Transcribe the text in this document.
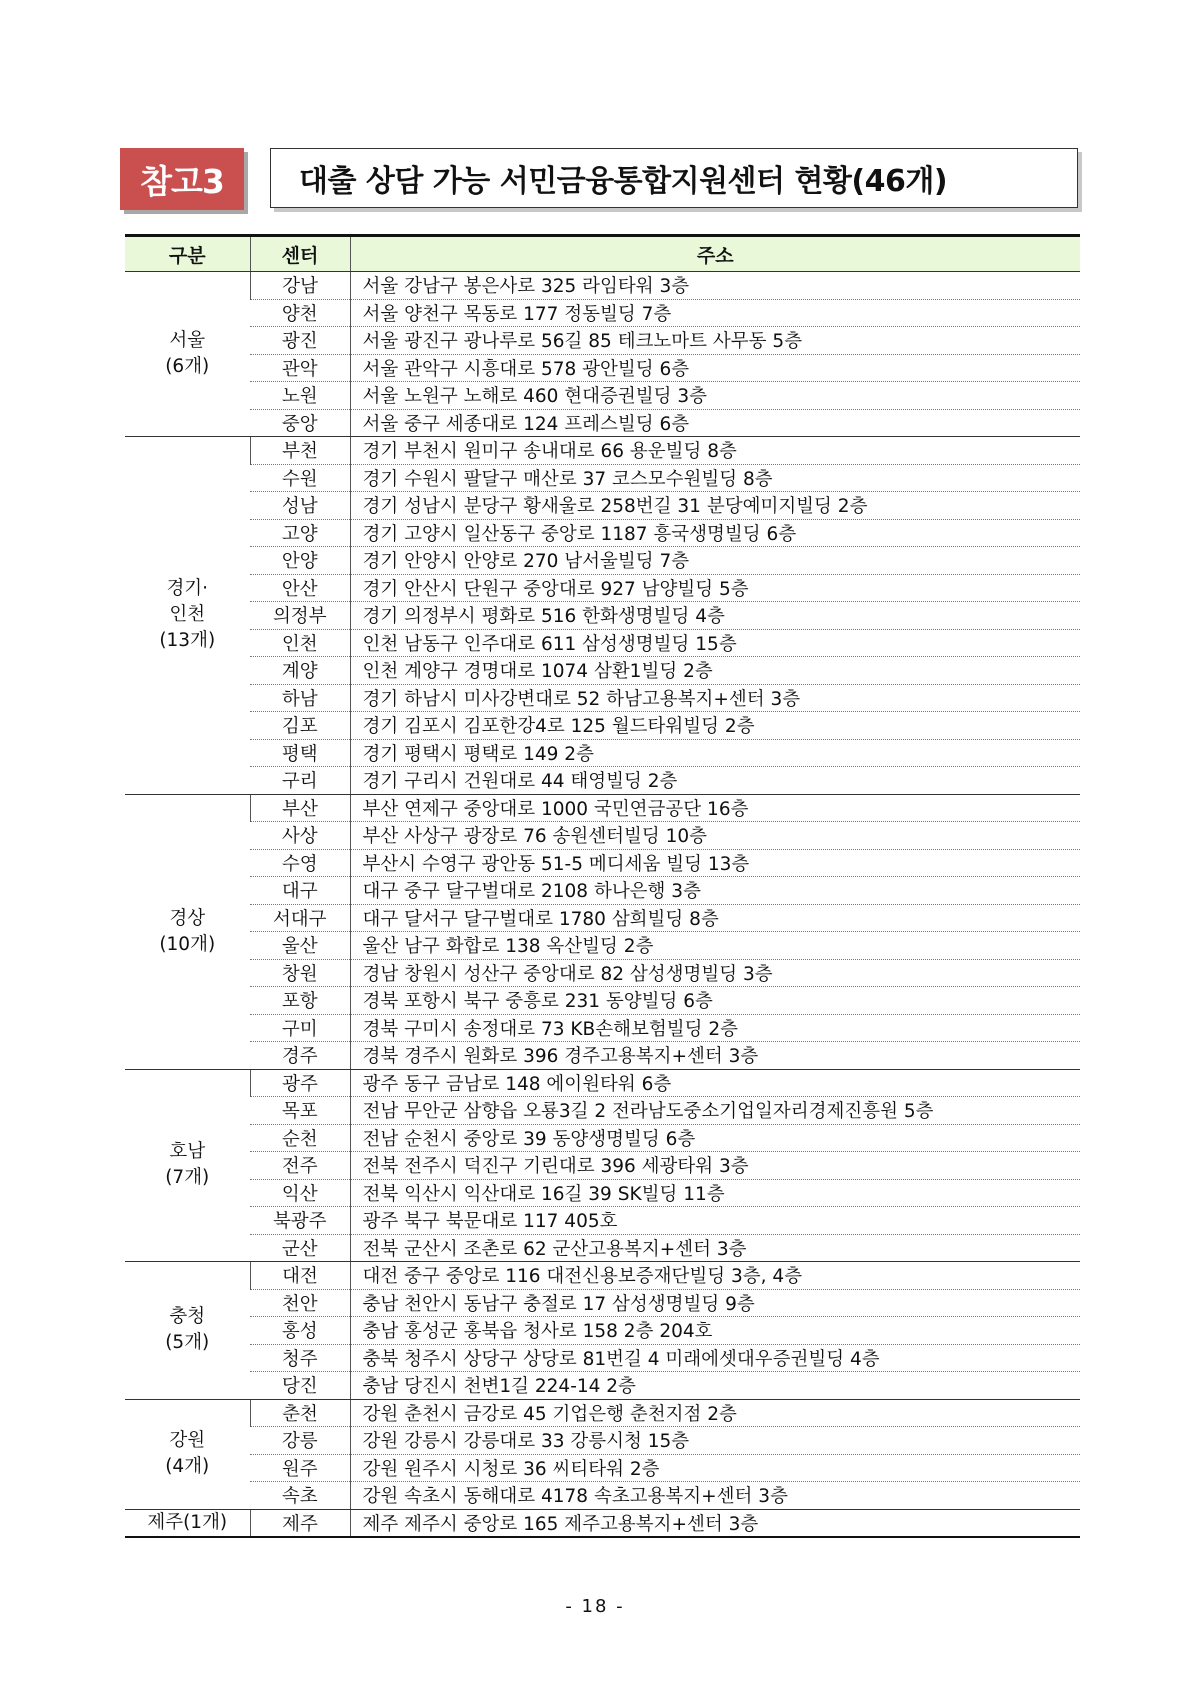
참고3	대출 상담 가능 서민금융통합지원센터 현황(46개)
구분	센터	주소
서울
(6개)	강남	서울 강남구 봉은사로 325 라임타워 3층
	양천	서울 양천구 목동로 177 정동빌딩 7층
	광진	서울 광진구 광나루로 56길 85 테크노마트 사무동 5층
	관악	서울 관악구 시흥대로 578 광안빌딩 6층
	노원	서울 노원구 노해로 460 현대증권빌딩 3층
	중앙	서울 중구 세종대로 124 프레스빌딩 6층
경기·
인천
(13개)	부천	경기 부천시 원미구 송내대로 66 용운빌딩 8층
	수원	경기 수원시 팔달구 매산로 37 코스모수원빌딩 8층
	성남	경기 성남시 분당구 황새울로 258번길 31 분당예미지빌딩 2층
	고양	경기 고양시 일산동구 중앙로 1187 흥국생명빌딩 6층
	안양	경기 안양시 안양로 270 남서울빌딩 7층
	안산	경기 안산시 단원구 중앙대로 927 남양빌딩 5층
	의정부	경기 의정부시 평화로 516 한화생명빌딩 4층
	인천	인천 남동구 인주대로 611 삼성생명빌딩 15층
	계양	인천 계양구 경명대로 1074 삼환1빌딩 2층
	하남	경기 하남시 미사강변대로 52 하남고용복지+센터 3층
	김포	경기 김포시 김포한강4로 125 월드타워빌딩 2층
	평택	경기 평택시 평택로 149 2층
	구리	경기 구리시 건원대로 44 태영빌딩 2층
경상
(10개)	부산	부산 연제구 중앙대로 1000 국민연금공단 16층
	사상	부산 사상구 광장로 76 송원센터빌딩 10층
	수영	부산시 수영구 광안동 51-5 메디세움 빌딩 13층
	대구	대구 중구 달구벌대로 2108 하나은행 3층
	서대구	대구 달서구 달구벌대로 1780 삼희빌딩 8층
	울산	울산 남구 화합로 138 옥산빌딩 2층
	창원	경남 창원시 성산구 중앙대로 82 삼성생명빌딩 3층
	포항	경북 포항시 북구 중흥로 231 동양빌딩 6층
	구미	경북 구미시 송정대로 73 KB손해보험빌딩 2층
	경주	경북 경주시 원화로 396 경주고용복지+센터 3층
호남
(7개)	광주	광주 동구 금남로 148 에이원타워 6층
	목포	전남 무안군 삼향읍 오룡3길 2 전라남도중소기업일자리경제진흥원 5층
	순천	전남 순천시 중앙로 39 동양생명빌딩 6층
	전주	전북 전주시 덕진구 기린대로 396 세광타워 3층
	익산	전북 익산시 익산대로 16길 39 SK빌딩 11층
	북광주	광주 북구 북문대로 117 405호
	군산	전북 군산시 조촌로 62 군산고용복지+센터 3층
충청
(5개)	대전	대전 중구 중앙로 116 대전신용보증재단빌딩 3층, 4층
	천안	충남 천안시 동남구 충절로 17 삼성생명빌딩 9층
	홍성	충남 홍성군 홍북읍 청사로 158 2층 204호
	청주	충북 청주시 상당구 상당로 81번길 4 미래에셋대우증권빌딩 4층
	당진	충남 당진시 천변1길 224-14 2층
강원
(4개)	춘천	강원 춘천시 금강로 45 기업은행 춘천지점 2층
	강릉	강원 강릉시 강릉대로 33 강릉시청 15층
	원주	강원 원주시 시청로 36 씨티타워 2층
	속초	강원 속초시 동해대로 4178 속초고용복지+센터 3층
제주(1개)	제주	제주 제주시 중앙로 165 제주고용복지+센터 3층
- 18 -
